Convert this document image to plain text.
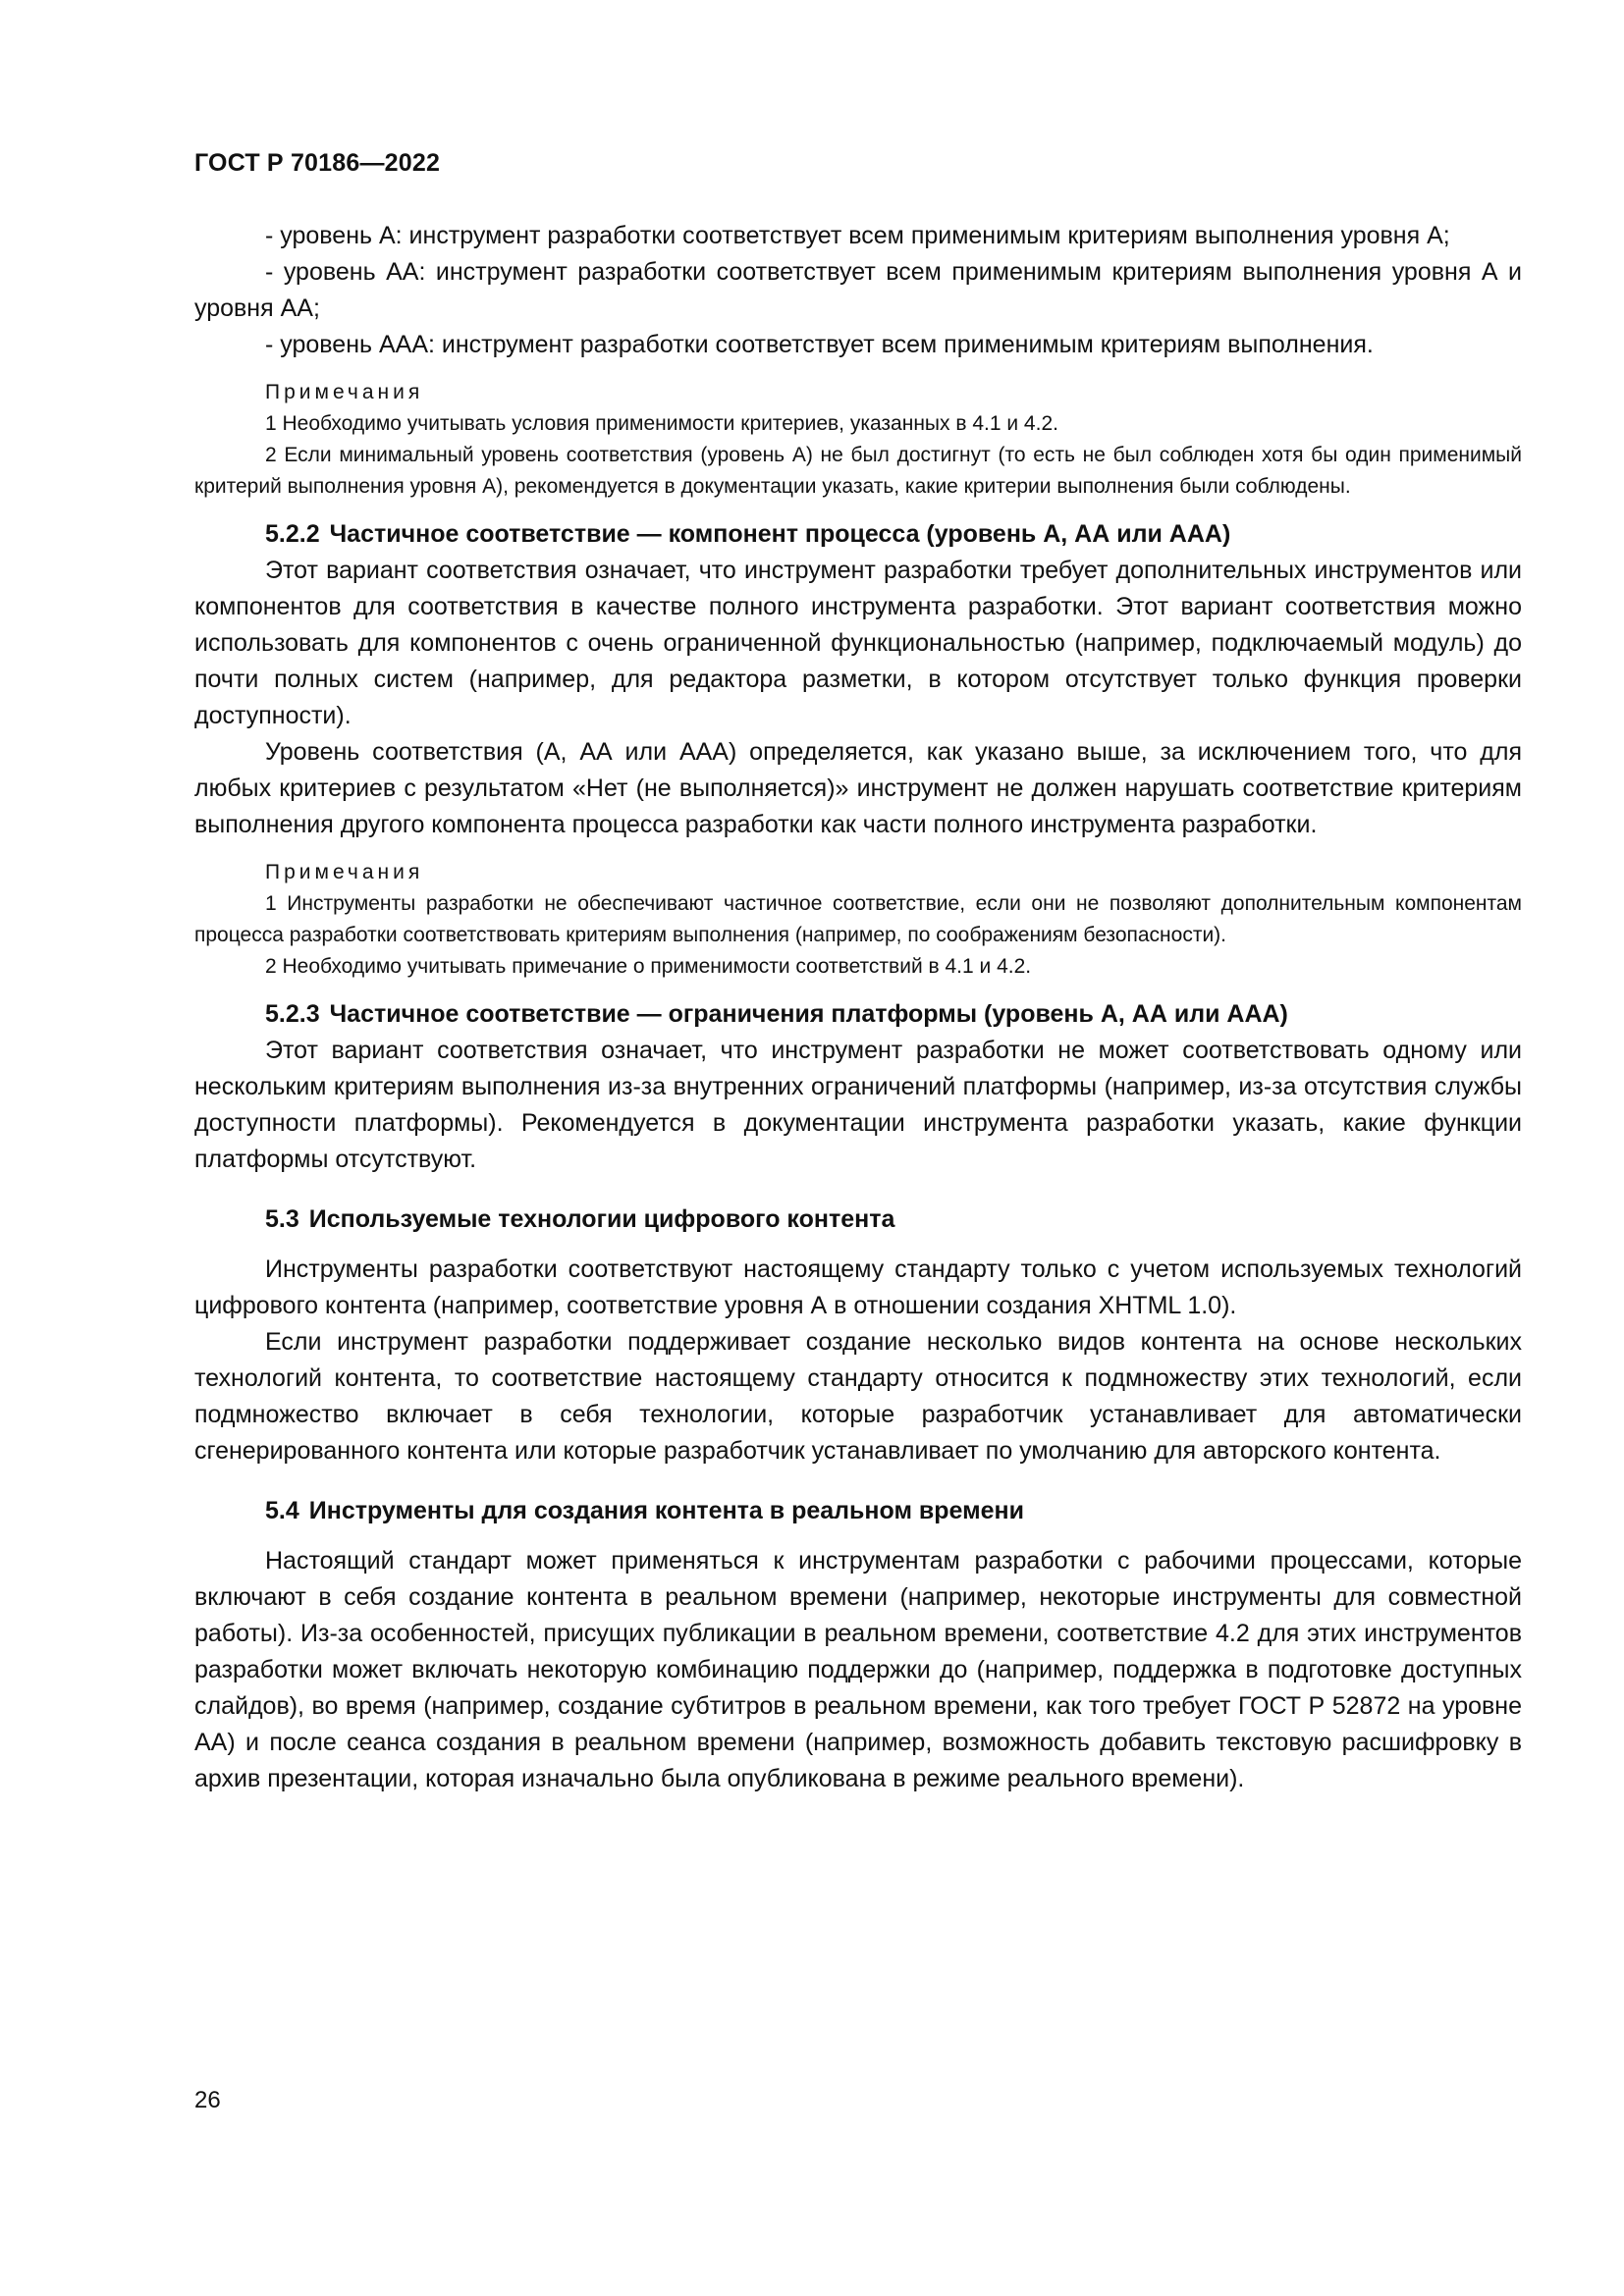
ГОСТ Р 70186—2022

- уровень А: инструмент разработки соответствует всем применимым критериям выполнения уровня А;

- уровень АА: инструмент разработки соответствует всем применимым критериям выполнения уровня А и уровня АА;

- уровень ААА: инструмент разработки соответствует всем применимым критериям выполнения.

Примечания

1 Необходимо учитывать условия применимости критериев, указанных в 4.1 и 4.2.

2 Если минимальный уровень соответствия (уровень А) не был достигнут (то есть не был соблюден хотя бы один применимый критерий выполнения уровня А), рекомендуется в документации указать, какие критерии выполнения были соблюдены.

5.2.2 Частичное соответствие — компонент процесса (уровень А, АА или ААА)

Этот вариант соответствия означает, что инструмент разработки требует дополнительных инструментов или компонентов для соответствия в качестве полного инструмента разработки. Этот вариант соответствия можно использовать для компонентов с очень ограниченной функциональностью (например, подключаемый модуль) до почти полных систем (например, для редактора разметки, в котором отсутствует только функция проверки доступности).

Уровень соответствия (А, АА или ААА) определяется, как указано выше, за исключением того, что для любых критериев с результатом «Нет (не выполняется)» инструмент не должен нарушать соответствие критериям выполнения другого компонента процесса разработки как части полного инструмента разработки.

Примечания

1 Инструменты разработки не обеспечивают частичное соответствие, если они не позволяют дополнительным компонентам процесса разработки соответствовать критериям выполнения (например, по соображениям безопасности).

2 Необходимо учитывать примечание о применимости соответствий в 4.1 и 4.2.

5.2.3 Частичное соответствие — ограничения платформы (уровень А, АА или ААА)

Этот вариант соответствия означает, что инструмент разработки не может соответствовать одному или нескольким критериям выполнения из-за внутренних ограничений платформы (например, из-за отсутствия службы доступности платформы). Рекомендуется в документации инструмента разработки указать, какие функции платформы отсутствуют.

5.3 Используемые технологии цифрового контента

Инструменты разработки соответствуют настоящему стандарту только с учетом используемых технологий цифрового контента (например, соответствие уровня А в отношении создания XHTML 1.0).

Если инструмент разработки поддерживает создание несколько видов контента на основе нескольких технологий контента, то соответствие настоящему стандарту относится к подмножеству этих технологий, если подмножество включает в себя технологии, которые разработчик устанавливает для автоматически сгенерированного контента или которые разработчик устанавливает по умолчанию для авторского контента.

5.4 Инструменты для создания контента в реальном времени

Настоящий стандарт может применяться к инструментам разработки с рабочими процессами, которые включают в себя создание контента в реальном времени (например, некоторые инструменты для совместной работы). Из-за особенностей, присущих публикации в реальном времени, соответствие 4.2 для этих инструментов разработки может включать некоторую комбинацию поддержки до (например, поддержка в подготовке доступных слайдов), во время (например, создание субтитров в реальном времени, как того требует ГОСТ Р 52872 на уровне АА) и после сеанса создания в реальном времени (например, возможность добавить текстовую расшифровку в архив презентации, которая изначально была опубликована в режиме реального времени).

26
